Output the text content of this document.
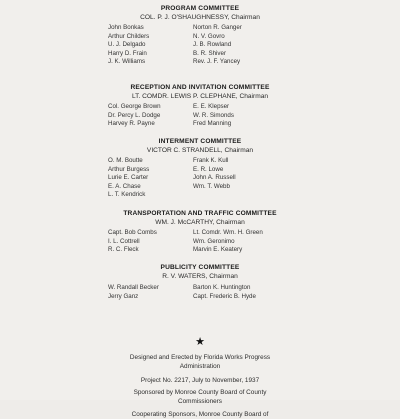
PROGRAM COMMITTEE
COL. P. J. O'SHAUGHNESSY, Chairman
John Bonkas
Arthur Childers
U. J. Delgado
Harry D. Frain
J. K. Williams
Norton R. Ganger
N. V. Govro
J. B. Rowland
B. R. Shiver
Rev. J. F. Yancey
RECEPTION AND INVITATION COMMITTEE
LT. COMDR. LEWIS P. CLEPHANE, Chairman
Col. George Brown
Dr. Percy L. Dodge
Harvey R. Payne
E. E. Klepser
W. R. Simonds
Fred Manning
INTERMENT COMMITTEE
VICTOR C. STRANDELL, Chairman
O. M. Boutte
Arthur Burgess
Lurie E. Carter
E. A. Chase
L. T. Kendrick
Frank K. Kull
E. R. Lowe
John A. Russell
Wm. T. Webb
TRANSPORTATION AND TRAFFIC COMMITTEE
WM. J. McCARTHY, Chairman
Capt. Bob Combs
I. L. Cottrell
R. C. Fleck
Lt. Comdr. Wm. H. Green
Wm. Geronimo
Marvin E. Keatery
PUBLICITY COMMITTEE
R. V. WATERS, Chairman
W. Randall Becker
Jerry Ganz
Barton K. Huntington
Capt. Frederic B. Hyde
★
Designed and Erected by Florida Works Progress
Administration
Project No. 2217, July to November, 1937
Sponsored by Monroe County Board of County
Commissioners
Cooperating Sponsors, Monroe County Board of
